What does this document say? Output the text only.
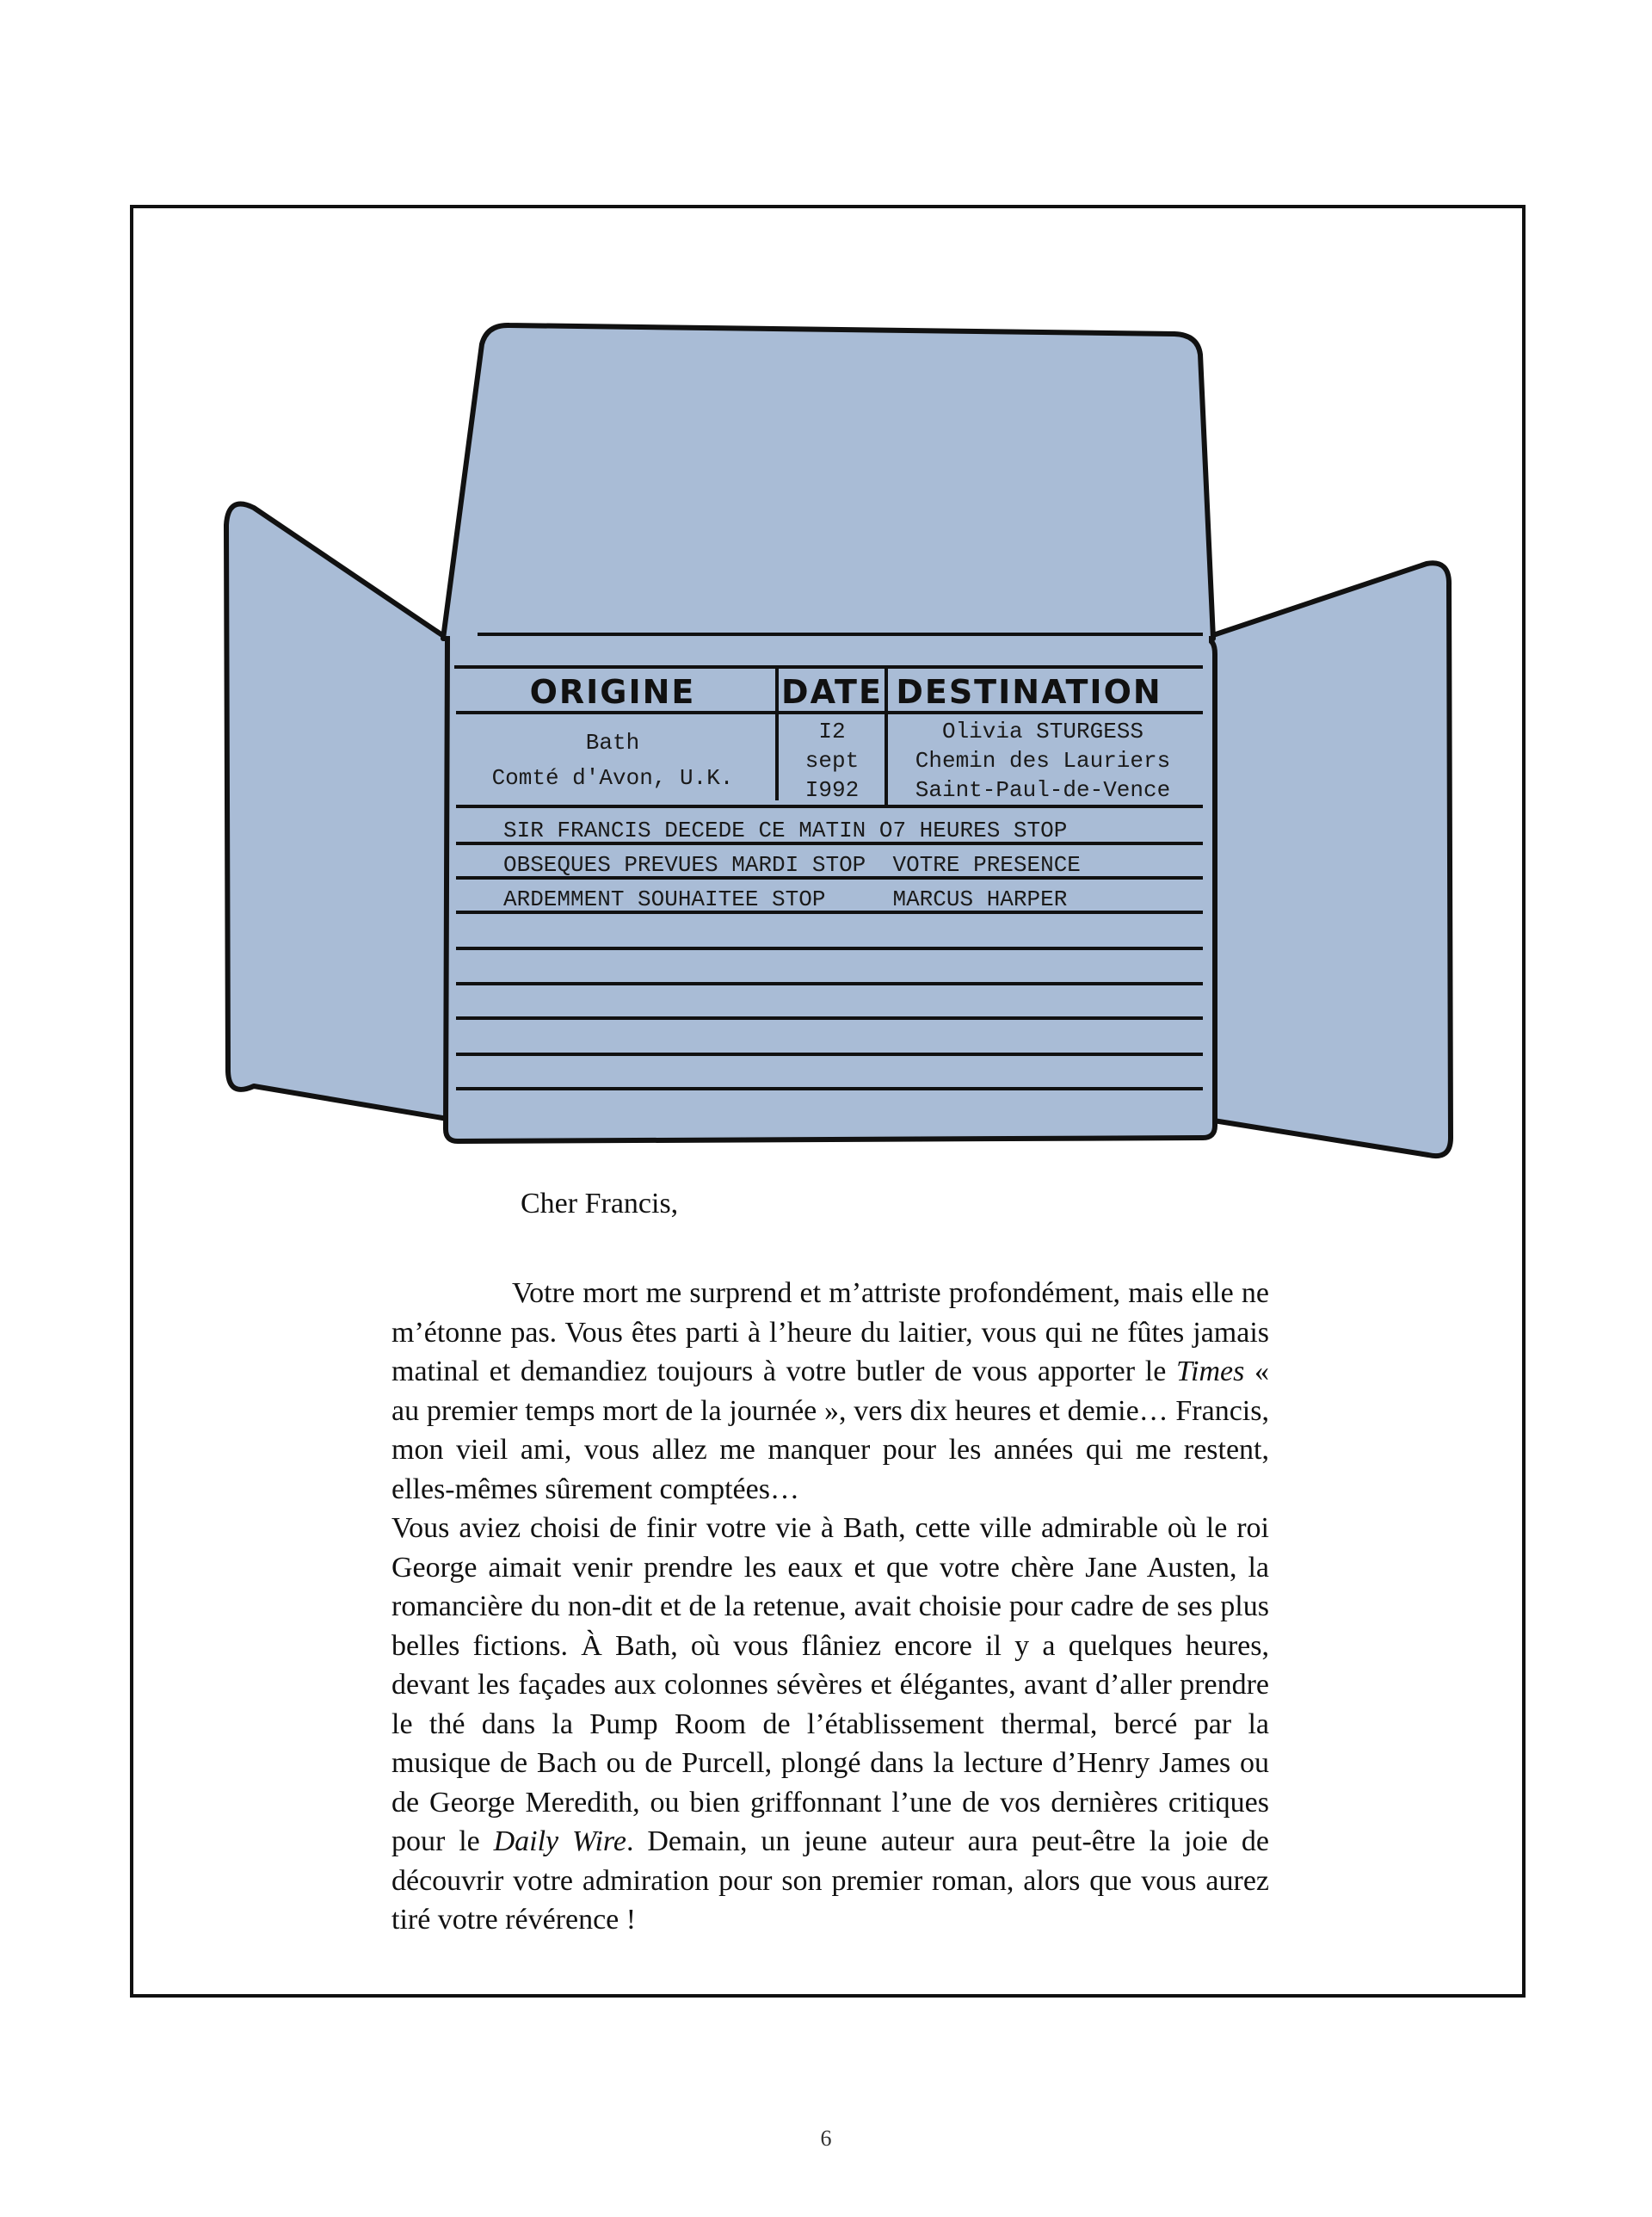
ORIGINE	DATE DESTINATION
Bath
Comté d'Avon, U.K.
I2
sept
I992
Olivia STURGESS
Chemin des Lauriers
Saint-Paul-de-Vence
SIR FRANCIS DECEDE CE MATIN O7 HEURES STOP
OBSEQUES PREVUES MARDI STOP  VOTRE PRESENCE
ARDEMMENT SOUHAITEE STOP     MARCUS HARPER
Cher Francis,

Votre mort me surprend et m’attriste profondément, mais elle ne m’étonne pas. Vous êtes parti à l’heure du laitier, vous qui ne fûtes jamais matinal et demandiez toujours à votre butler de vous apporter le Times « au premier temps mort de la journée », vers dix heures et demie… Francis, mon vieil ami, vous allez me manquer pour les années qui me restent, elles-mêmes sûrement comptées…

Vous aviez choisi de finir votre vie à Bath, cette ville admirable où le roi George aimait venir prendre les eaux et que votre chère Jane Austen, la romancière du non-dit et de la retenue, avait choisie pour cadre de ses plus belles fictions. À Bath, où vous flâniez encore il y a quelques heures, devant les façades aux colonnes sévères et élégantes, avant d’aller prendre le thé dans la Pump Room de l’établissement thermal, bercé par la musique de Bach ou de Purcell, plongé dans la lecture d’Henry James ou de George Meredith, ou bien griffonnant l’une de vos dernières critiques pour le Daily Wire. Demain, un jeune auteur aura peut-être la joie de découvrir votre admiration pour son premier roman, alors que vous aurez tiré votre révérence !

6
